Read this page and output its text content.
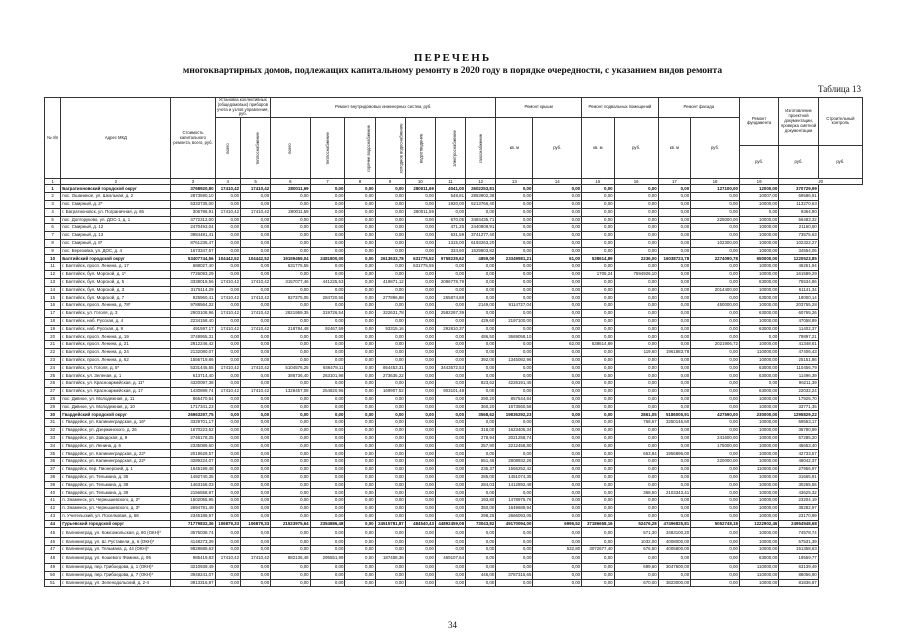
ПЕРЕЧЕНЬ
многоквартирных домов, подлежащих капитальному ремонту в 2020 году в порядке очередности, с указанием видов ремонта
Таблица 13
№ п/п	Адрес МКД	Стоимость капитального ремонта, всего, руб.	Установка коллективных (общедомовых) приборов учета и узлов управления, руб.		Ремонт внутридомовых инженерных систем, руб.							Ремонт крыши		Ремонт подвальных помещений		Ремонт фасада		Ремонт фундамента	Изготовление проектной документации, проверка сметной документации	Строительный контроль
			всего	теплоснабжение	всего	теплоснабжение	горячее водоснабжение	холодное водоснабжение	водоотведение	электроснабжение	газоснабжение	кв. м	руб.	кв. м	руб.	кв. м	руб.			
																		руб.	руб.	руб.
1	2	3	4	5	6	7	8	9	10	11	12	13	14	15	16	17	18	19	20	
1	Багратионовский городской округ	3768920,80	17410,42	17410,42	280011,69	0,00	0,00	0,00	280011,69	4041,00	2602253,81	0,00	0,00	0,00	0,00	0,00	127100,00	12000,00	370729,99	
2	пос. Ошаниное, ул. Школьная, д. 2	2873590,10	0,00	0,00	0,00	0,00	0,00	0,00	0,00	548,81	2853902,38	0,00	0,00	0,00	0,00	0,00	0,00	10007,00	69586,91	
3	пос. Смирный, д. 2*	5333735,00	0,00	0,00	0,00	0,00	0,00	0,00	0,00	1920,00	5213766,40	0,00	0,00	0,00	0,00	0,00	0,00	10000,00	113270,63	
4	г. Багратионовск, ул. Пограничная, д. 65	306786,91	17410,42	17410,42	280011,59	0,00	0,00	0,00	280011,59	0,00	0,00	0,00	0,00	0,00	0,00	0,00	0,00	0,00	9364,90	
5	пос. Долгоруково, ул. ДОС-1, д. 1	4772312,00	0,00	0,00	0,00	0,00	0,00	0,00	0,00	670,05	3484435,71	0,00	0,00	0,00	0,00	0,00	225000,00	10000,00	56483,32	
6	пос. Смирный, д. 12	2470493,04	0,00	0,00	0,00	0,00	0,00	0,00	0,00	471,25	2440808,91	0,00	0,00	0,00	0,00	0,00	0,00	10000,00	21160,50	
7	пос. Смирный, д. 13	3984481,41	0,00	0,00	0,00	0,00	0,00	0,00	0,00	631,59	3741277,40	0,00	0,00	0,00	0,00	0,00	0,00	10000,00	73575,63	
8	пос. Смирный, д. 8*	8761235,47	0,00	0,00	0,00	0,00	0,00	0,00	0,00	1315,00	6193263,20	0,00	0,00	0,00	0,00	0,00	102300,00	10000,00	102322,27	
9	пос. Березовка, ул. ДОС, д. 4	1673347,57	0,00	0,00	0,00	0,00	0,00	0,00	0,00	334,60	1629803,82	0,00	0,00	0,00	0,00	0,00	0,00	10000,00	34554,05	
10	Балтийский городской округ	53407744,56	104442,52	104442,52	19159469,04	2481800,00	0,00	2613633,78	631775,52	9758239,62	4859,00	23349981,21	61,00	538614,89	2236,00	16038723,78	2274090,78	650000,00	1220523,85	
11	г. Балтийск, просп. Ленина, д. 17	688027,40	0,00	0,00	631775,55	0,00	0,00	0,00	631775,55	0,00	0,00	0,00	0,00	0,00	0,00	0,00	0,00	10000,00	46251,94	
12	г. Балтийск, бул. Морской, д. 1*	7726093,29	0,00	0,00	0,00	0,00	0,00	0,00	0,00	0,00	0,00	0,00	0,00	1705,24	7594926,10	0,00	0,00	10000,00	161589,29	
13	г. Балтийск, бул. Морской, д. 5	3338019,56	17410,42	17410,42	3157077,46	441225,53	0,00	419871,12	0,00	2096778,79	0,00	0,00	0,00	0,00	0,00	0,00	0,00	63000,00	75534,86	
14	г. Балтийск, бул. Морской, д. 3	3175114,29	0,00	0,00	0,00	0,00	0,00	0,00	0,00	0,00	0,00	0,00	0,00	0,00	0,00	0,00	2014400,00	10000,00	61141,34	
15	г. Балтийск, бул. Морской, д. 7	925960,41	17410,42	17410,42	827375,05	284720,55	0,00	277896,88	0,00	265874,88	0,00	0,00	0,00	0,00	0,00	0,00	0,00	63000,00	18000,14	
16	г. Балтийск, просп. Ленина, д. 78*	9788564,32	0,00	0,00	0,00	0,00	0,00	0,00	0,00	0,00	2149,00	9114727,04	0,00	0,00	0,00	0,00	450000,00	10000,00	203755,28	
17	г. Балтийск, ул. Гоголя, д. 3	2903108,96	17410,42	17410,42	2821959,35	319726,54	0,00	322631,78	0,00	2582297,39	0,00	0,00	0,00	0,00	0,00	0,00	0,00	63000,00	60765,26	
18	г. Балтийск, наб. Русская, д. 4	2234158,40	0,00	0,00	0,00	0,00	0,00	0,00	0,00	0,00	429,60	2197100,00	0,00	0,00	0,00	0,00	0,00	10000,00	47058,89	
19	г. Балтийск, наб. Русская, д. 9	491597,17	17410,42	17410,42	218784,48	92467,59	0,00	93315,16	0,00	292810,37	0,00	0,00	0,00	0,00	0,00	0,00	0,00	63000,00	11402,37	
20	г. Балтийск, просп. Ленина, д. 19	3748955,31	0,00	0,00	0,00	0,00	0,00	0,00	0,00	0,00	486,50	3669058,10	0,00	0,00	0,00	0,00	0,00	0,00	79897,21	
21	г. Балтийск, просп. Ленина, д. 21	2812246,42	0,00	0,00	0,00	0,00	0,00	0,00	0,00	0,00	0,00	0,00	62,00	538614,89	0,00	0,00	2021906,72	10000,00	41348,61	
22	г. Балтийск, просп. Ленина, д. 24	2132080,07	0,00	0,00	0,00	0,00	0,00	0,00	0,00	0,00	0,00	0,00	0,00	0,00	119,60	1961883,78	0,00	110000,00	47406,43	
23	г. Балтийск, просп. Ленина, д. 62	1556719,86	0,00	0,00	0,00	0,00	0,00	0,00	0,00	0,00	392,00	1345082,96	0,00	0,00	0,00	0,00	0,00	10000,00	25151,86	
24	г. Балтийск, ул. Гоголя, д. 5*	5331445,55	17410,42	17410,42	5104576,25	846478,11	0,00	854453,31	0,00	3443572,53	0,00	0,00	0,00	0,00	0,00	0,00	0,00	63000,00	110456,79	
25	г. Балтийск, ул. Зеленая, д. 1	613714,40	0,00	0,00	386736,40	263101,98	0,00	273635,22	0,00	0,00	0,00	0,00	0,00	0,00	0,00	0,00	0,00	63000,00	11496,39	
26	г. Балтийск, ул. Красноармейская, д. 11*	4320097,38	0,00	0,00	0,00	0,00	0,00	0,00	0,00	0,00	823,62	4226191,45	0,00	0,00	0,00	0,00	0,00	0,00	96211,39	
27	г. Балтийск, ул. Красноармейская, д. 17	1430899,74	17410,42	17410,42	1328457,08	254820,96	0,00	169907,52	0,00	903101,48	0,00	0,00	0,00	0,00	0,00	0,00	0,00	63000,00	22032,24	
28	пос. Дивное, ул. Молодежная, д. 11	865470,54	0,00	0,00	0,00	0,00	0,00	0,00	0,00	0,00	290,20	857544,84	0,00	0,00	0,00	0,00	0,00	10000,00	17925,70	
29	пос. Дивное, ул. Молодежная, д. 10	1717341,23	0,00	0,00	0,00	0,00	0,00	0,00	0,00	0,00	360,20	1673560,58	0,00	0,00	0,00	0,00	0,00	10000,00	33771,35	
30	Гвардейский городской округ	26963297,75	0,00	0,00	0,00	0,00	0,00	0,00	0,00	0,00	3568,62	19836292,23	0,00	0,00	2861,05	5186005,91	427590,00	230000,00	1295829,22	
31	г. Гвардейск, ул. Калининградская, д. 16*	3329701,17	0,00	0,00	0,00	0,00	0,00	0,00	0,00	0,00	0,00	0,00	0,00	0,00	758,67	3250146,60	0,00	10000,00	69553,17	
32	г. Гвардейск, ул. Дзержинского, д. 26	1670223,52	0,00	0,00	0,00	0,00	0,00	0,00	0,00	0,00	318,00	1623406,34	0,00	0,00	0,00	0,00	0,00	10000,00	36780,99	
33	г. Гвардейск, ул. Заводская, д. 9	2746178,25	0,00	0,00	0,00	0,00	0,00	0,00	0,00	0,00	278,94	2021258,74	0,00	0,00	0,00	0,00	241600,00	10000,00	57285,20	
34	г. Гвардейск, ул. Ленина, д. 6	2335089,60	0,00	0,00	0,00	0,00	0,00	0,00	0,00	0,00	257,90	2212458,80	0,00	0,00	0,00	0,00	175000,00	10000,00	45653,40	
35	г. Гвардейск, ул. Калининградская, д. 22*	2019629,57	0,00	0,00	0,00	0,00	0,00	0,00	0,00	0,00	0,00	0,00	0,00	0,00	653,84	1956896,00	0,00	10000,00	42733,57	
36	г. Гвардейск, ул. Калининградская, д. 22*	3289224,07	0,00	0,00	0,00	0,00	0,00	0,00	0,00	0,00	551,46	2808932,26	0,00	0,00	0,00	0,00	220000,00	10000,00	49042,37	
37	г. Гвардейск, пер. Пионерский, д. 1	1645199,48	0,00	0,00	0,00	0,00	0,00	0,00	0,00	0,00	235,37	1556252,42	0,00	0,00	0,00	0,00	0,00	110000,00	27956,97	
38	г. Гвардейск, ул. Тельмана, д. 35	1492740,35	0,00	0,00	0,00	0,00	0,00	0,00	0,00	0,00	285,00	1451074,35	0,00	0,00	0,00	0,00	0,00	10000,00	31665,91	
39	г. Гвардейск, ул. Тельмана, д. 38	1463158,03	0,00	0,00	0,00	0,00	0,00	0,00	0,00	0,00	284,03	1412892,48	0,00	0,00	0,00	0,00	0,00	10000,00	30265,55	
40	г. Гвардейск, ул. Тельмана, д. 39	2156558,97	0,00	0,00	0,00	0,00	0,00	0,00	0,00	0,00	0,00	0,00	0,00	0,00	368,50	2103343,41	0,00	10000,00	43625,32	
41	п. Знаменск, ул. Чернышевского, д. 2*	1502055,95	0,00	0,00	0,00	0,00	0,00	0,00	0,00	0,00	193,80	1478975,76	0,00	0,00	0,00	0,00	0,00	10000,00	23204,19	
42	п. Знаменск, ул. Чернышевского, д. 3*	2694781,49	0,00	0,00	0,00	0,00	0,00	0,00	0,00	0,00	350,00	1649689,94	0,00	0,00	0,00	0,00	0,00	10000,00	35282,97	
43	п. Учительский, ул. Поселковая, д. 68	2345189,97	0,00	0,00	0,00	0,00	0,00	0,00	0,00	0,00	298,25	2666093,05	0,00	0,00	0,00	0,00	0,00	10000,00	23170,99	
44	Гурьевский городской округ	71779832,36	106879,33	106879,33	21523975,64	2354886,48	0,00	24515781,87	484540,43	44892459,08	73043,82	49170094,00	6996,52	37186658,16	52476,28	47496825,81	5052748,18	1222902,46	24954948,68	
45	г. Калининград, ул. Комсомольская, д. 80 (ОКН)*	3575038,74	0,00	0,00	0,00	0,00	0,00	0,00	0,00	0,00	0,00	0,00	0,00	0,00	571,30	3483100,20	0,00	10000,00	74578,74	
46	г. Калининград, ул. Ш. Руставели, д. 6 (ОКН)*	4148273,39	0,00	0,00	0,00	0,00	0,00	0,00	0,00	0,00	0,00	0,00	0,00	0,00	1032,00	4008000,00	0,00	10000,00	57531,39	
47	г. Калининград, ул. Тельмана, д. 44 (ОКН)*	9828889,63	0,00	0,00	0,00	0,00	0,00	0,00	0,00	0,00	0,00	0,00	532,80	3072677,40	676,50	4005800,00	0,00	10000,00	151358,63	
48	г. Калининград, ул. Кошевого Фомина, д. 95	985419,83	17410,42	17410,42	882136,48	295551,99	0,00	187458,36	0,00	469107,64	0,00	0,00	0,00	0,00	0,00	0,00	0,00	63000,00	19559,77	
49	г. Калининград, пер. Грибоедова, д. 1 (ОКН)*	3210939,49	0,00	0,00	0,00	0,00	0,00	0,00	0,00	0,00	0,00	0,00	0,00	0,00	699,60	3047600,00	0,00	110000,00	63139,49	
50	г. Калининград, пер. Грибоедова, д. 7 (ОКН)*	3948241,07	0,00	0,00	0,00	0,00	0,00	0,00	0,00	0,00	446,00	3787315,65	0,00	0,00	0,00	0,00	0,00	110000,00	88056,90	
51	г. Калининград, ул. Зеленодольский, д. 2-4	3913316,87	0,00	0,00	0,00	0,00	0,00	0,00	0,00	0,00	0,00	0,00	0,00	0,00	670,00	3823000,00	0,00	10000,00	81836,87	
34
